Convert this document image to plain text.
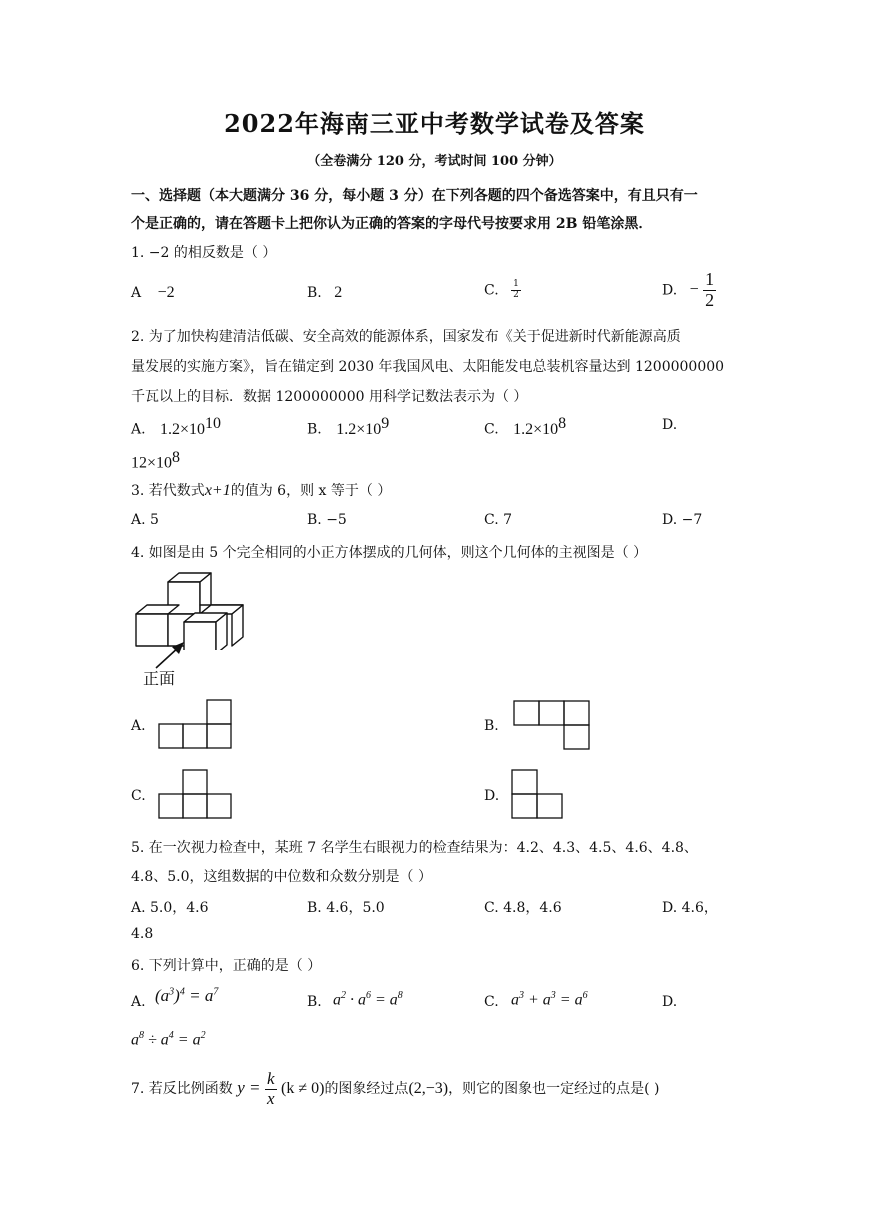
2022年海南三亚中考数学试卷及答案
（全卷满分 120 分，考试时间 100 分钟）
一、选择题（本大题满分 36 分，每小题 3 分）在下列各题的四个备选答案中，有且只有一
个是正确的，请在答题卡上把你认为正确的答案的字母代号按要求用 2B 铅笔涂黑．
1. −2 的相反数是（ ）
A −2	B. 2	C. $\frac{1}{2}$	D. − $\frac{1}{2}$
2. 为了加快构建清洁低碳、安全高效的能源体系，国家发布《关于促进新时代新能源高质
量发展的实施方案》，旨在锚定到 2030 年我国风电、太阳能发电总装机容量达到 1200000000
千瓦以上的目标．数据 1200000000 用科学记数法表示为（ ）
A. $1.2\times 10^{10}$	B. $1.2\times 10^9$	C. $1.2\times 10^8$	D.
$12\times 10^8$
3. 若代数式x+1的值为 6，则 x 等于（ ）
A. 5	B. −5	C. 7	D. −7
4. 如图是由 5 个完全相同的小正方体摆成的几何体，则这个几何体的主视图是（ ）
正面
A.	B.
C.	D.
5. 在一次视力检查中，某班 7 名学生右眼视力的检查结果为：4.2、4.3、4.5、4.6、4.8、
4.8、5.0，这组数据的中位数和众数分别是（ ）
A. 5.0，4.6	B. 4.6，5.0	C. 4.8，4.6	D. 4.6，
4.8
6. 下列计算中，正确的是（ ）
A. $(a^3)^4 = a^7$
B. $a^2 \cdot a^6 = a^8$	C. $a^3 + a^3 = a^6$	D.
$a^8 \div a^4 = a^2$
7. 若反比例函数 $y = \frac{k}{x} (k \ne 0)$的图象经过点(2,−3)，则它的图象也一定经过的点是( )
